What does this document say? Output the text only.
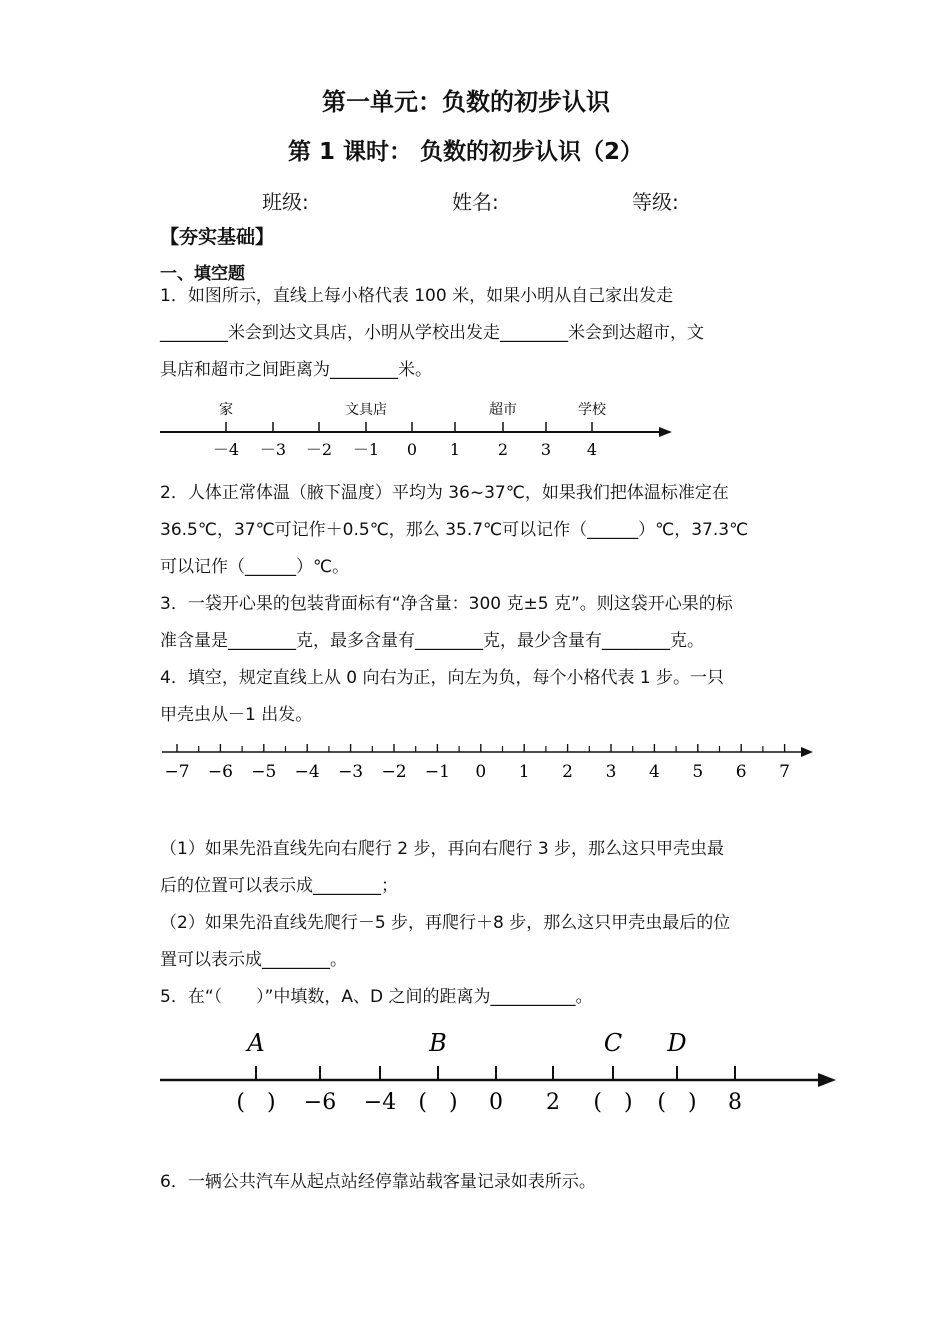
第一单元：负数的初步认识
第 1 课时： 负数的初步认识（2）
班级:	姓名:	等级:
【夯实基础】
一、填空题
1．如图所示，直线上每小格代表 100 米，如果小明从自己家出发走
________米会到达文具店，小明从学校出发走________米会到达超市，文
具店和超市之间距离为________米。
家	文具店	超市	学校
－4 －3 －2 －1 0 1 2 3 4
2．人体正常体温（腋下温度）平均为 36~37℃，如果我们把体温标准定在
36.5℃，37℃可记作＋0.5℃，那么 35.7℃可以记作（______）℃，37.3℃
可以记作（______）℃。
3．一袋开心果的包装背面标有“净含量：300 克±5 克”。则这袋开心果的标
准含量是________克，最多含量有________克，最少含量有________克。
4．填空，规定直线上从 0 向右为正，向左为负，每个小格代表 1 步。一只
甲壳虫从－1 出发。
−7 −6 −5 −4 −3 −2 −1 0 1 2 3 4 5 6 7
（1）如果先沿直线先向右爬行 2 步，再向右爬行 3 步，那么这只甲壳虫最
后的位置可以表示成________；
（2）如果先沿直线先爬行－5 步，再爬行＋8 步，那么这只甲壳虫最后的位
置可以表示成________。
5．在“（　　）”中填数，A、D 之间的距离为__________。
A	B	C D
(　) −6 −4 (　) 0 2 (　) (　) 8
6．一辆公共汽车从起点站经停靠站载客量记录如表所示。
